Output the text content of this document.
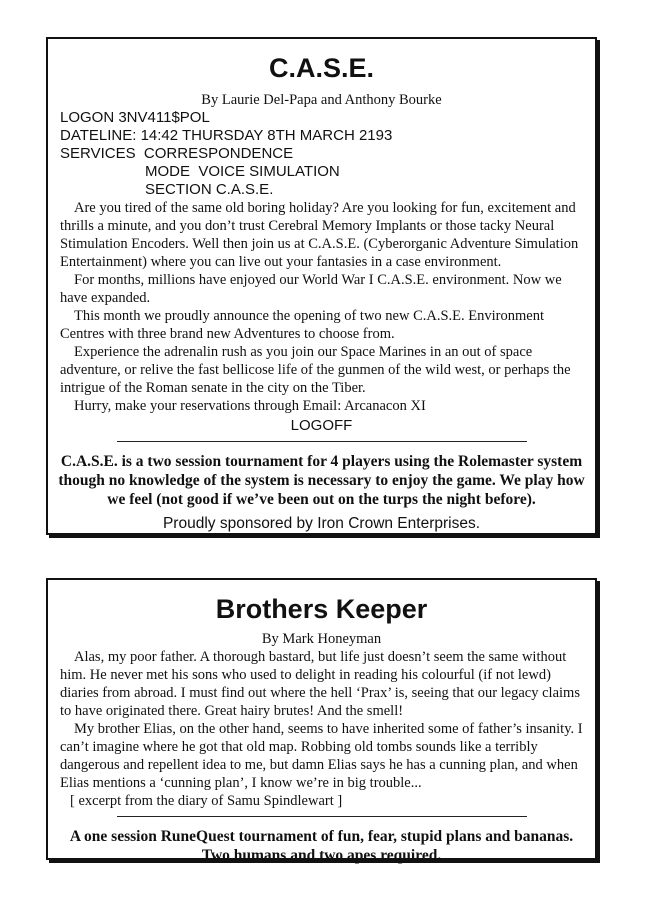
C.A.S.E.

By Laurie Del-Papa and Anthony Bourke

LOGON 3NV411$POL
DATELINE: 14:42 THURSDAY 8TH MARCH 2193
SERVICES  CORRESPONDENCE
MODE  VOICE SIMULATION
SECTION C.A.S.E.

Are you tired of the same old boring holiday? Are you looking for fun, excitement and thrills a minute, and you don’t trust Cerebral Memory Implants or those tacky Neural Stimulation Encoders. Well then join us at C.A.S.E. (Cyberorganic Adventure Simulation Entertainment) where you can live out your fantasies in a case environment.

For months, millions have enjoyed our World War I C.A.S.E. environment. Now we have expanded.

This month we proudly announce the opening of two new C.A.S.E. Environment Centres with three brand new Adventures to choose from.

Experience the adrenalin rush as you join our Space Marines in an out of space adventure, or relive the fast bellicose life of the gunmen of the wild west, or perhaps the intrigue of the Roman senate in the city on the Tiber.

Hurry, make your reservations through Email: Arcanacon XI

LOGOFF

C.A.S.E. is a two session tournament for 4 players using the Rolemaster system though no knowledge of the system is necessary to enjoy the game. We play how we feel (not good if we’ve been out on the turps the night before).

Proudly sponsored by Iron Crown Enterprises.

Brothers Keeper

By Mark Honeyman

Alas, my poor father. A thorough bastard, but life just doesn’t seem the same without him. He never met his sons who used to delight in reading his colourful (if not lewd) diaries from abroad. I must find out where the hell ‘Prax’ is, seeing that our legacy claims to have originated there. Great hairy brutes! And the smell!

My brother Elias, on the other hand, seems to have inherited some of father’s insanity. I can’t imagine where he got that old map. Robbing old tombs sounds like a terribly dangerous and repellent idea to me, but damn Elias says he has a cunning plan, and when Elias mentions a ‘cunning plan’, I know we’re in big trouble...

[ excerpt from the diary of Samu Spindlewart ]

A one session RuneQuest tournament of fun, fear, stupid plans and bananas. Two humans and two apes required.
